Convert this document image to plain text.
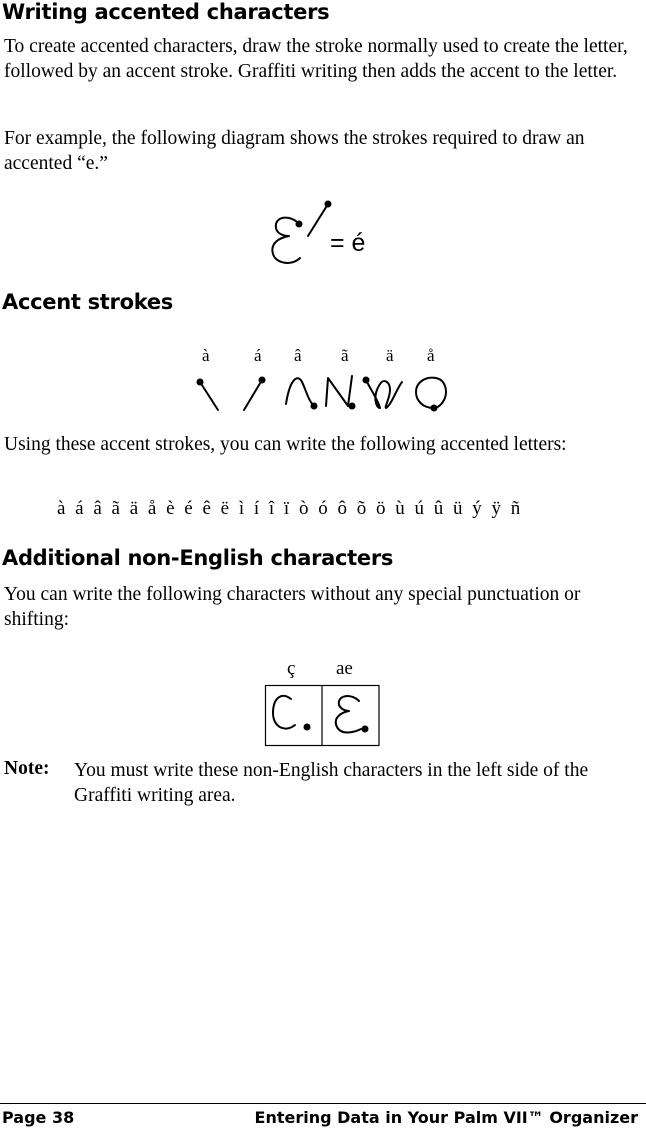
Writing accented characters

To create accented characters, draw the stroke normally used to create the letter, followed by an accent stroke. Graffiti writing then adds the accent to the letter.

For example, the following diagram shows the strokes required to draw an accented “e.”

= é
Accent strokes
à	á â ã ä å

Using these accent strokes, you can write the following accented letters:

à á â ã ä å è é ê ë ì í î ï ò ó ô õ ö ù ú û ü ý ÿ ñ

Additional non-English characters

You can write the following characters without any special punctuation or shifting:

ç ae

Note: You must write these non-English characters in the left side of the Graffiti writing area.

Page 38	Entering Data in Your Palm VII™ Organizer
